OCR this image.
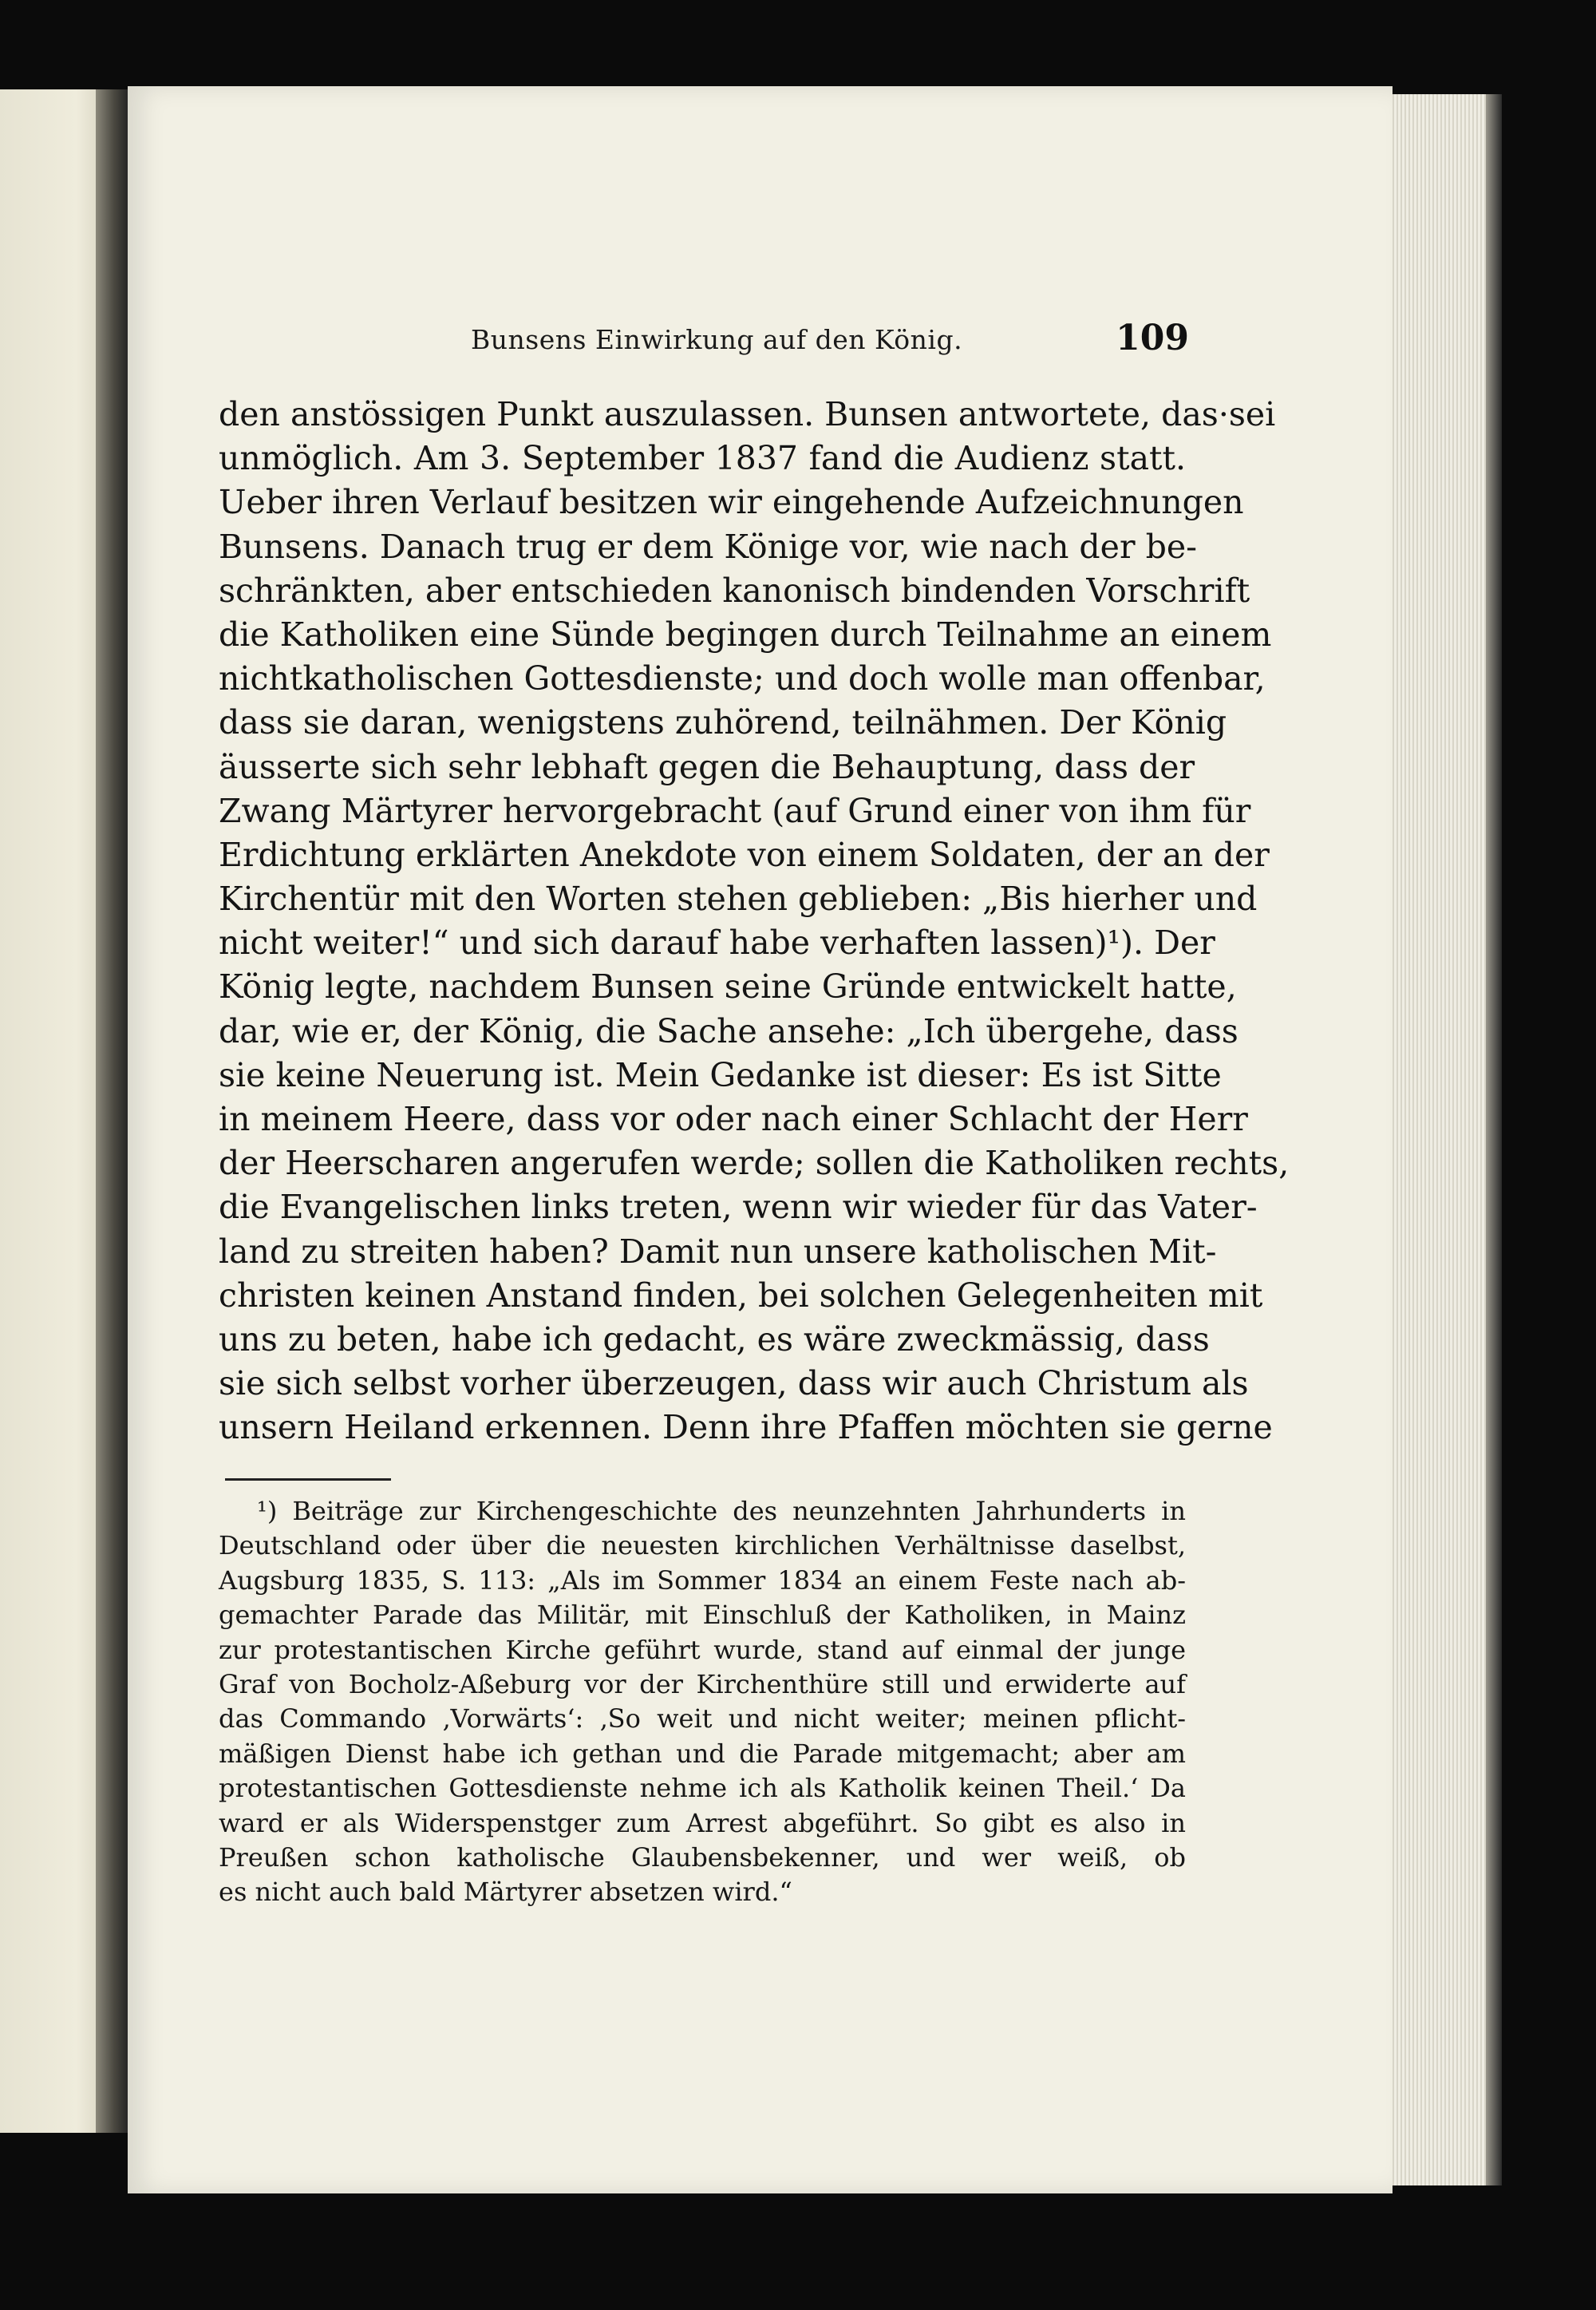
Bunsens Einwirkung auf den König.	109
den anstössigen Punkt auszulassen. Bunsen antwortete, das·sei
unmöglich. Am 3. September 1837 fand die Audienz statt.
Ueber ihren Verlauf besitzen wir eingehende Aufzeichnungen
Bunsens. Danach trug er dem Könige vor, wie nach der be-
schränkten, aber entschieden kanonisch bindenden Vorschrift
die Katholiken eine Sünde begingen durch Teilnahme an einem
nichtkatholischen Gottesdienste; und doch wolle man offenbar,
dass sie daran, wenigstens zuhörend, teilnähmen. Der König
äusserte sich sehr lebhaft gegen die Behauptung, dass der
Zwang Märtyrer hervorgebracht (auf Grund einer von ihm für
Erdichtung erklärten Anekdote von einem Soldaten, der an der
Kirchentür mit den Worten stehen geblieben: „Bis hierher und
nicht weiter!“ und sich darauf habe verhaften lassen)¹). Der
König legte, nachdem Bunsen seine Gründe entwickelt hatte,
dar, wie er, der König, die Sache ansehe: „Ich übergehe, dass
sie keine Neuerung ist. Mein Gedanke ist dieser: Es ist Sitte
in meinem Heere, dass vor oder nach einer Schlacht der Herr
der Heerscharen angerufen werde; sollen die Katholiken rechts,
die Evangelischen links treten, wenn wir wieder für das Vater-
land zu streiten haben? Damit nun unsere katholischen Mit-
christen keinen Anstand finden, bei solchen Gelegenheiten mit
uns zu beten, habe ich gedacht, es wäre zweckmässig, dass
sie sich selbst vorher überzeugen, dass wir auch Christum als
unsern Heiland erkennen. Denn ihre Pfaffen möchten sie gerne
¹) Beiträge zur Kirchengeschichte des neunzehnten Jahrhunderts in
Deutschland oder über die neuesten kirchlichen Verhältnisse daselbst,
Augsburg 1835, S. 113: „Als im Sommer 1834 an einem Feste nach ab-
gemachter Parade das Militär, mit Einschluß der Katholiken, in Mainz
zur protestantischen Kirche geführt wurde, stand auf einmal der junge
Graf von Bocholz-Aßeburg vor der Kirchenthüre still und erwiderte auf
das Commando ‚Vorwärts‘: ‚So weit und nicht weiter; meinen pflicht-
mäßigen Dienst habe ich gethan und die Parade mitgemacht; aber am
protestantischen Gottesdienste nehme ich als Katholik keinen Theil.‘ Da
ward er als Widerspenstger zum Arrest abgeführt. So gibt es also in
Preußen schon katholische Glaubensbekenner, und wer weiß, ob
es nicht auch bald Märtyrer absetzen wird.“
